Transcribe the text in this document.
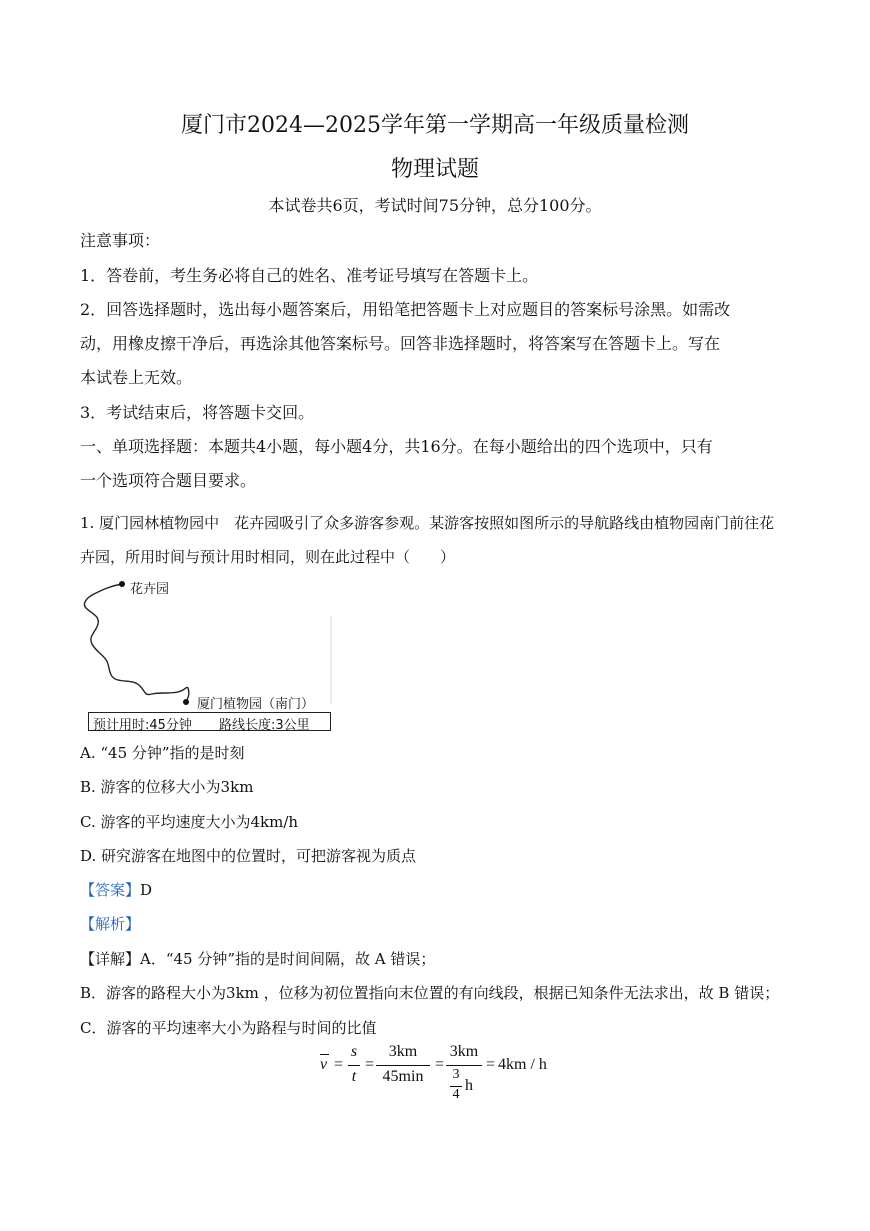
厦门市2024—2025学年第一学期高一年级质量检测
物理试题
本试卷共6页，考试时间75分钟，总分100分。
注意事项：
1．答卷前，考生务必将自己的姓名、准考证号填写在答题卡上。
2．回答选择题时，选出每小题答案后，用铅笔把答题卡上对应题目的答案标号涂黑。如需改
动，用橡皮擦干净后，再选涂其他答案标号。回答非选择题时，将答案写在答题卡上。写在
本试卷上无效。
3．考试结束后，将答题卡交回。
一、单项选择题：本题共4小题，每小题4分，共16分。在每小题给出的四个选项中，只有
一个选项符合题目要求。
1. 厦门园林植物园中　花卉园吸引了众多游客参观。某游客按照如图所示的导航路线由植物园南门前往花
卉园，所用时间与预计用时相同，则在此过程中（　　）
花卉园
厦门植物园（南门）
预计用时:45分钟 路线长度:3公里
A. “45 分钟”指的是时刻
B. 游客的位移大小为3km
C. 游客的平均速度大小为4km/h
D. 研究游客在地图中的位置时，可把游客视为质点
【答案】D
【解析】
【详解】A．“45 分钟”指的是时间间隔，故 A 错误；
B．游客的路程大小为3km ，位移为初位置指向末位置的有向线段，根据已知条件无法求出，故 B 错误；
C．游客的平均速率大小为路程与时间的比值
v =
s
t
=
3km
45min
=
3km
3
4
h
= 4km / h
